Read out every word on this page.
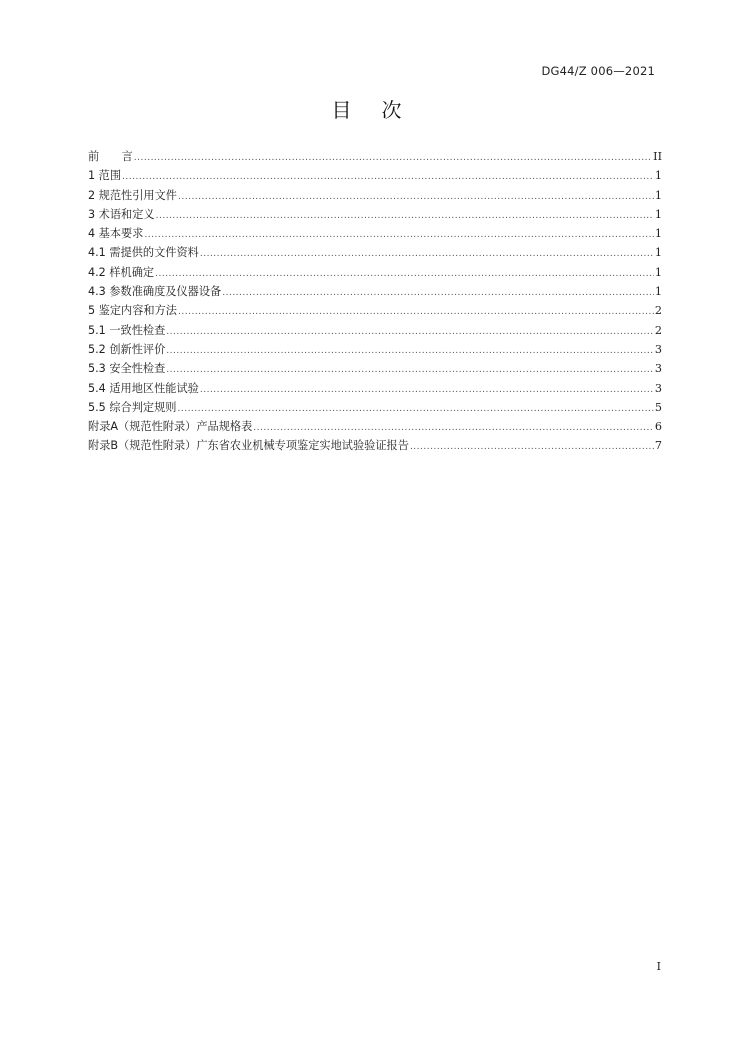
DG44/Z 006—2021
目次
前　　言 .....	II
1 范围 .....	1
2 规范性引用文件 .....	1
3 术语和定义 .....	1
4 基本要求 .....	1
4.1 需提供的文件资料 .....	1
4.2 样机确定 .....	1
4.3 参数准确度及仪器设备 .....	1
5 鉴定内容和方法 .....	2
5.1 一致性检查 .....	2
5.2 创新性评价 .....	3
5.3 安全性检查 .....	3
5.4 适用地区性能试验 .....	3
5.5 综合判定规则 .....	5
附录A（规范性附录）产品规格表 .....	6
附录B（规范性附录）广东省农业机械专项鉴定实地试验验证报告 .....	7
I
